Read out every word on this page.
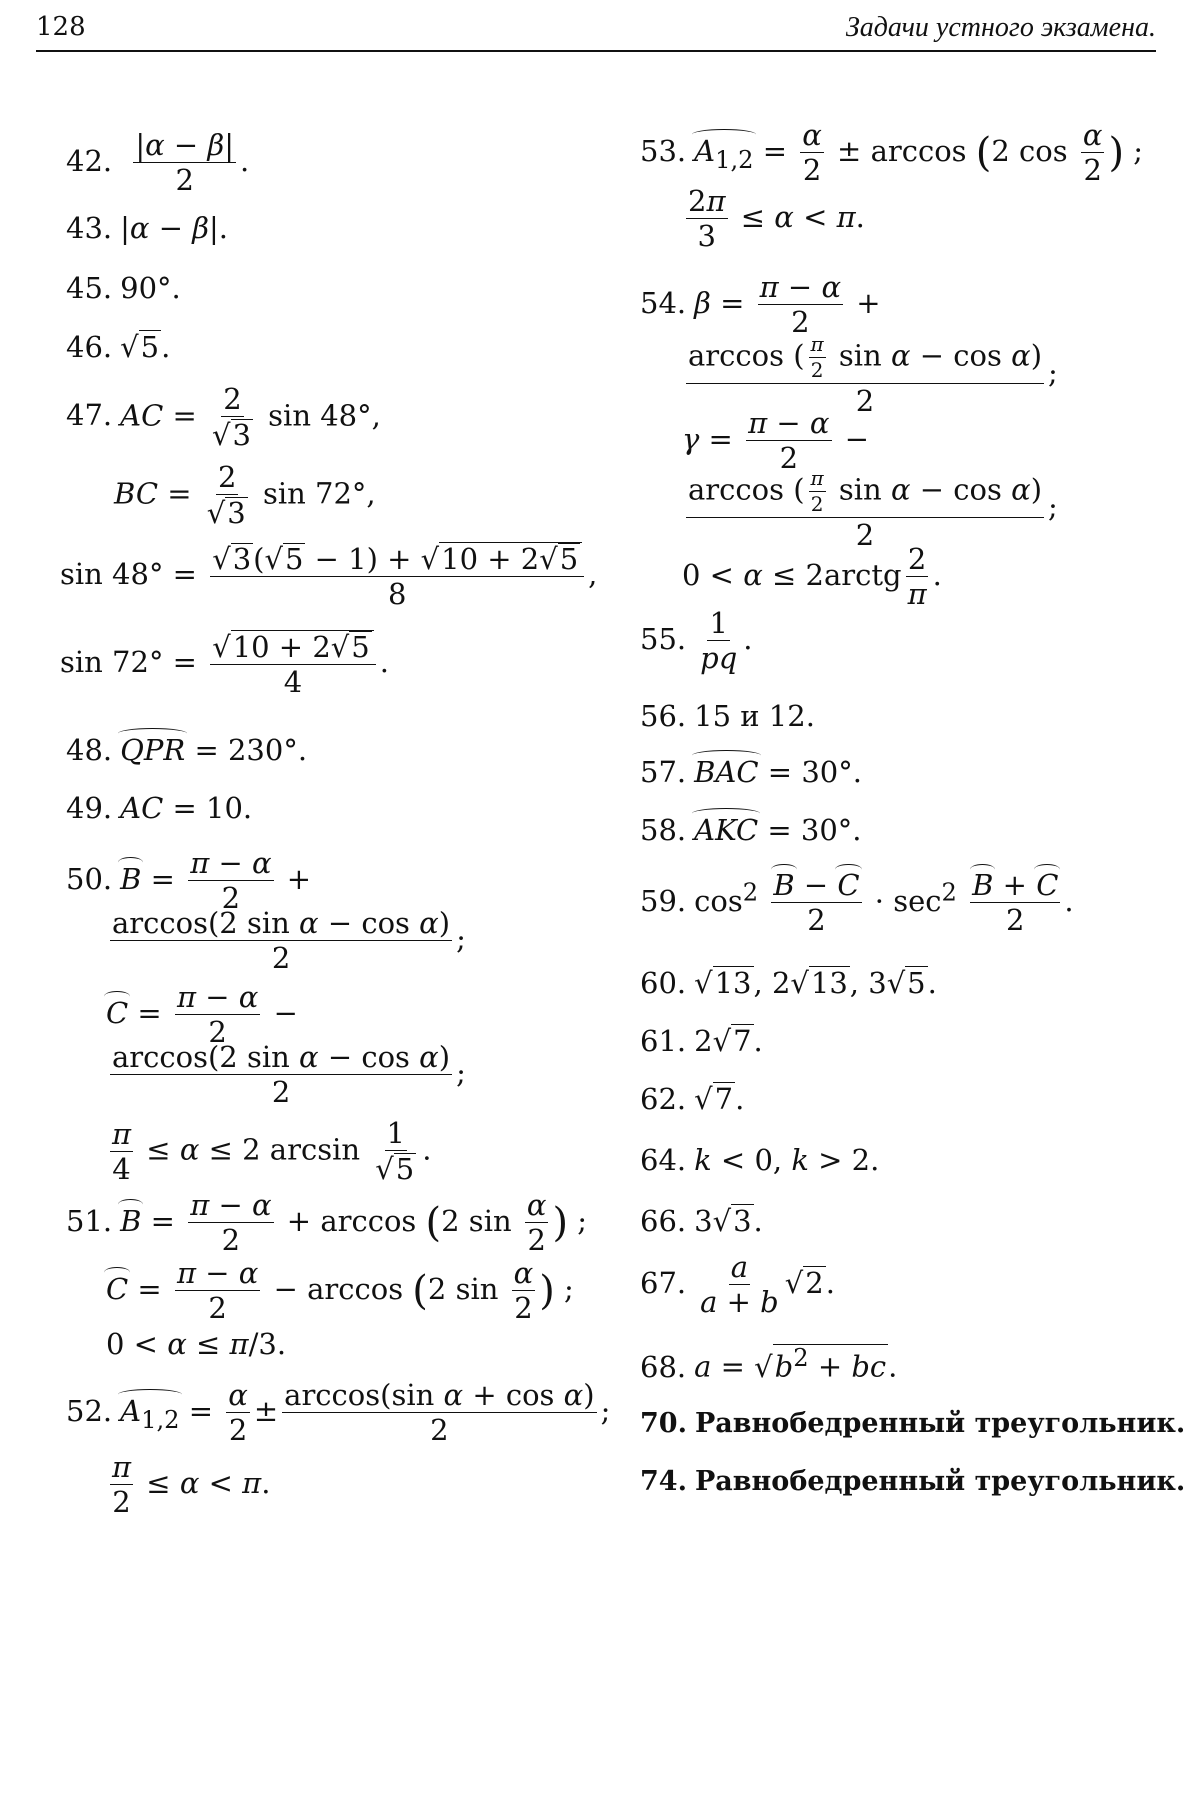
128	Задачи устного экзамена.
42. $\frac{|\alpha - \beta|}{2}$ .
43. |α − β|.
45. 90°.
46. √ 5 .
47. AC = $\frac{2}{√ 3}$ sin 48°,
BC = $\frac{2}{√ 3}$ sin 72°,
$\sin 48^\circ = \frac{√ 3 (√ 5 - 1) + √ 10 + 2√ 5}{8}$ ,
$\sin 72^\circ = \frac{√ 10 + 2√ 5}{4}$ .
48. QPR = 230°.
49. AC = 10.
50. $B = \frac{\pi - \alpha}{2}$ +
$\frac{\text{arccos(2 sin α − cos α)}}{2}$ ;
$C = \frac{\pi - \alpha}{2}$ −
$\frac{\text{arccos(2 sin α − cos α)}}{2}$ ;
$\frac{\pi}{4} \le \alpha \le 2$ $\arcsin \frac{1}{√ 5}$ .
51. $B = \frac{\pi - \alpha}{2} + \arccos (2$ $\sin \frac{\alpha}{2}$ ) ;
$C = \frac{\pi - \alpha}{2} - \arccos (2$ $\sin \frac{\alpha}{2}$ ) ;
0 < α ≤ π/3.
52. $A_{1,2} = \frac{\alpha}{2} \pm \frac{\text{arccos(sin α + cos α)}}{2}$ ;
$\frac{\pi}{2} \le \alpha < \pi$.
53. $A_{1,2} = \frac{\alpha}{2} \pm \arccos (2$ $\cos \frac{\alpha}{2}$ ) ;
$\frac{2\pi}{3} \le \alpha < \pi$.
54. $\beta = \frac{\pi - \alpha}{2}$ +
$\frac{\arccos ( \frac{\pi}{2} \sin \alpha - \cos \alpha)}{2}$ ;
$\gamma = \frac{\pi - \alpha}{2}$ −
$\frac{\arccos ( \frac{\pi}{2} \sin \alpha - \cos \alpha)}{2}$ ;
0 < α ≤ 2arctg $\frac{2}{\pi}$ .
55. $\frac{1}{pq}$ .
56. 15 и 12.
57. BAC = 30°.
58. AKC = 30°.
59. $\cos^2 \frac{B - C}{2} \cdot \sec^2 \frac{B + C}{2}$ .
60. √ 13 , 2√ 13 , 3√ 5 .
61. 2√ 7 .
62. √ 7 .
64. k < 0, k > 2.
66. 3√ 3 .
67. $\frac{a}{a + b}$ √ 2 .
68. a = √ $b^2$ + bc .
70. Равнобедренный треугольник.
74. Равнобедренный треугольник.
